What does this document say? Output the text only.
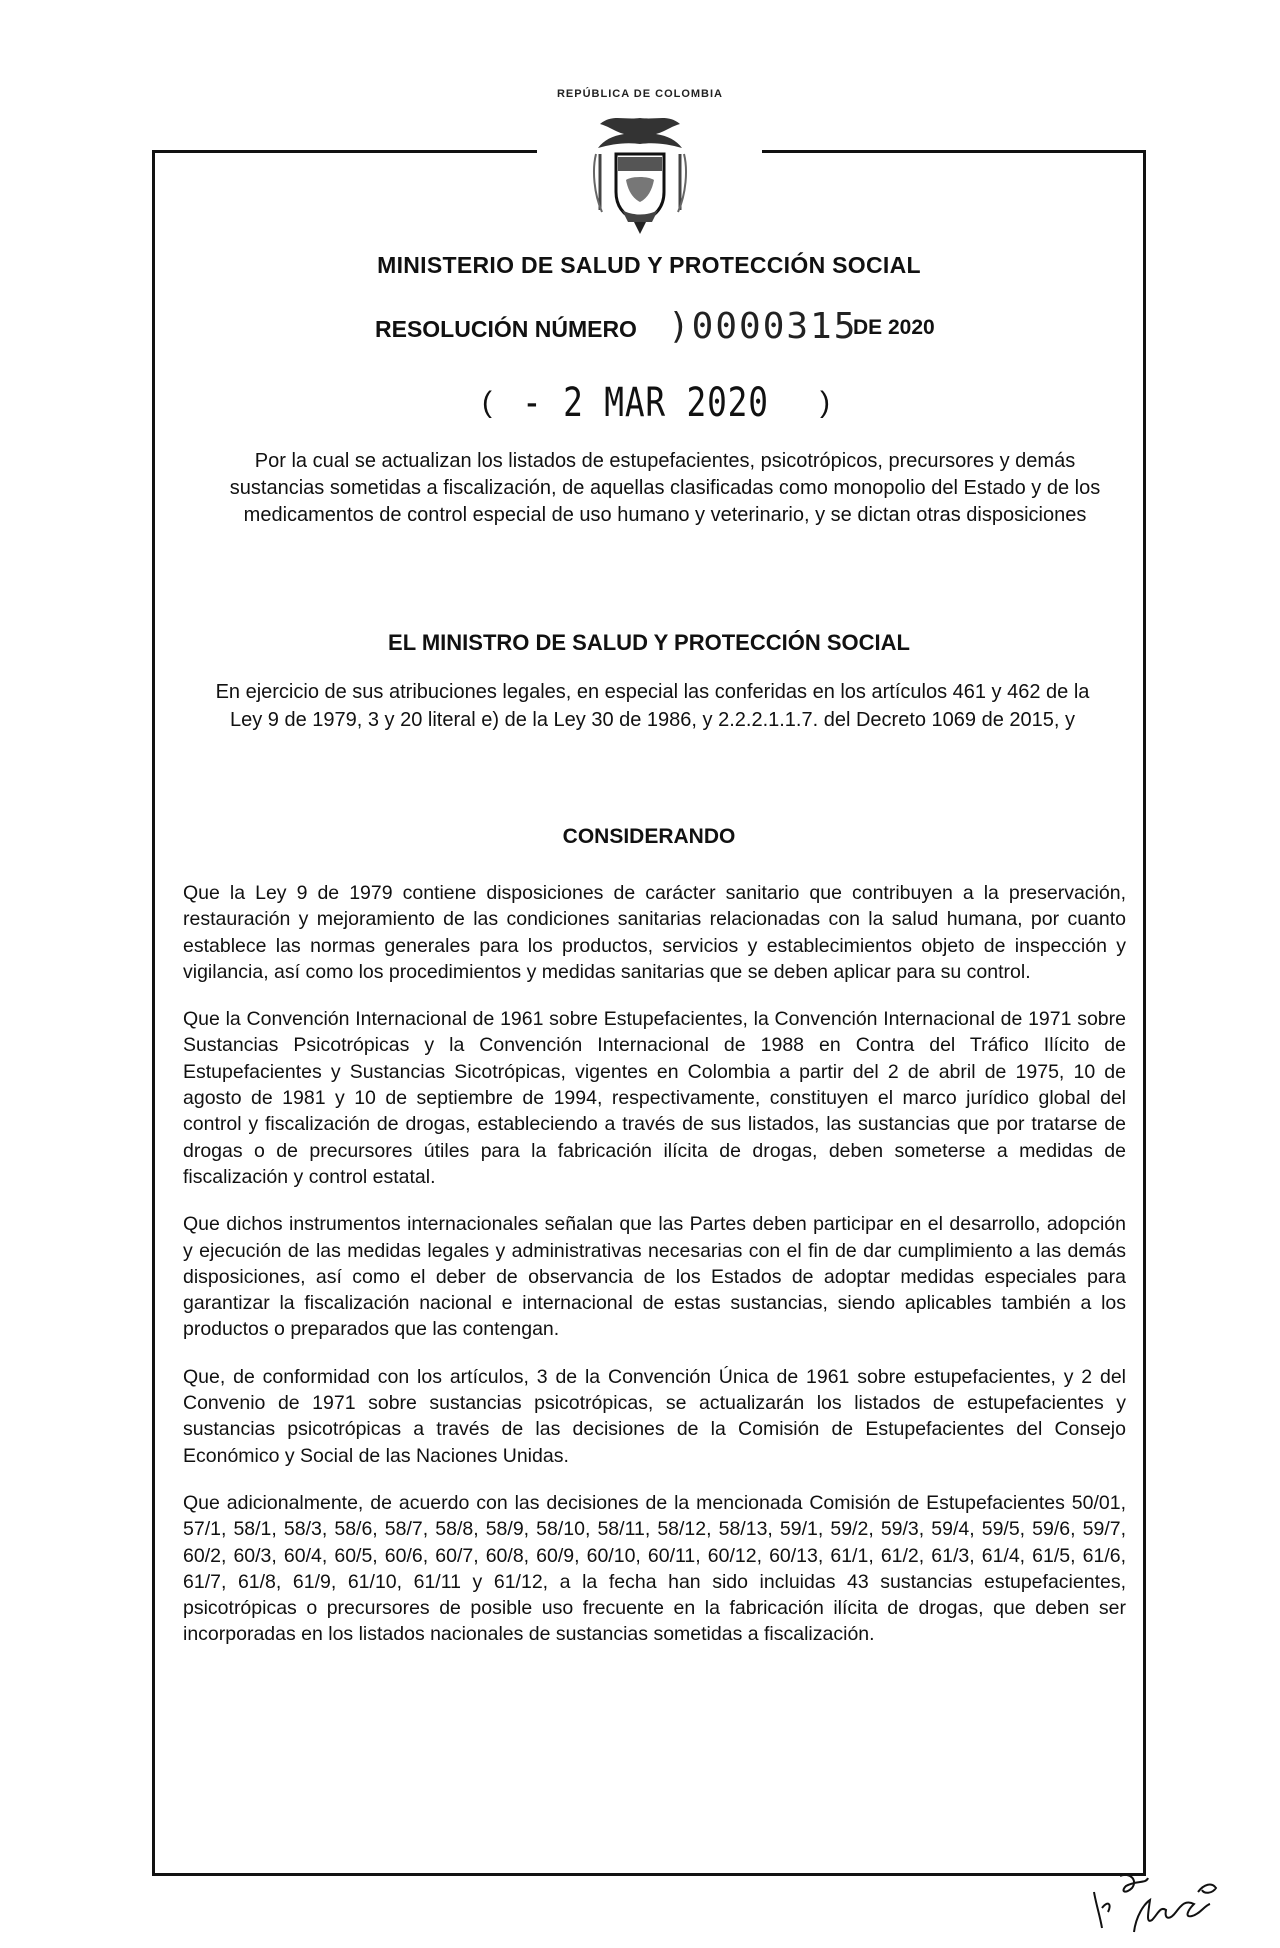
REPÚBLICA DE COLOMBIA
MINISTERIO DE SALUD Y PROTECCIÓN SOCIAL
RESOLUCIÓN NÚMERO )0000315
DE 2020
( - 2 MAR 2020 )
Por la cual se actualizan los listados de estupefacientes, psicotrópicos, precursores y demás sustancias sometidas a fiscalización, de aquellas clasificadas como monopolio del Estado y de los medicamentos de control especial de uso humano y veterinario, y se dictan otras disposiciones
EL MINISTRO DE SALUD Y PROTECCIÓN SOCIAL
En ejercicio de sus atribuciones legales, en especial las conferidas en los artículos 461 y 462 de la Ley 9 de 1979, 3 y 20 literal e) de la Ley 30 de 1986, y 2.2.2.1.1.7. del Decreto 1069 de 2015, y
CONSIDERANDO

Que la Ley 9 de 1979 contiene disposiciones de carácter sanitario que contribuyen a la preservación, restauración y mejoramiento de las condiciones sanitarias relacionadas con la salud humana, por cuanto establece las normas generales para los productos, servicios y establecimientos objeto de inspección y vigilancia, así como los procedimientos y medidas sanitarias que se deben aplicar para su control.

Que la Convención Internacional de 1961 sobre Estupefacientes, la Convención Internacional de 1971 sobre Sustancias Psicotrópicas y la Convención Internacional de 1988 en Contra del Tráfico Ilícito de Estupefacientes y Sustancias Sicotrópicas, vigentes en Colombia a partir del 2 de abril de 1975, 10 de agosto de 1981 y 10 de septiembre de 1994, respectivamente, constituyen el marco jurídico global del control y fiscalización de drogas, estableciendo a través de sus listados, las sustancias que por tratarse de drogas o de precursores útiles para la fabricación ilícita de drogas, deben someterse a medidas de fiscalización y control estatal.

Que dichos instrumentos internacionales señalan que las Partes deben participar en el desarrollo, adopción y ejecución de las medidas legales y administrativas necesarias con el fin de dar cumplimiento a las demás disposiciones, así como el deber de observancia de los Estados de adoptar medidas especiales para garantizar la fiscalización nacional e internacional de estas sustancias, siendo aplicables también a los productos o preparados que las contengan.

Que, de conformidad con los artículos, 3 de la Convención Única de 1961 sobre estupefacientes, y 2 del Convenio de 1971 sobre sustancias psicotrópicas, se actualizarán los listados de estupefacientes y sustancias psicotrópicas a través de las decisiones de la Comisión de Estupefacientes del Consejo Económico y Social de las Naciones Unidas.

Que adicionalmente, de acuerdo con las decisiones de la mencionada Comisión de Estupefacientes 50/01, 57/1, 58/1, 58/3, 58/6, 58/7, 58/8, 58/9, 58/10, 58/11, 58/12, 58/13, 59/1, 59/2, 59/3, 59/4, 59/5, 59/6, 59/7, 60/2, 60/3, 60/4, 60/5, 60/6, 60/7, 60/8, 60/9, 60/10, 60/11, 60/12, 60/13, 61/1, 61/2, 61/3, 61/4, 61/5, 61/6, 61/7, 61/8, 61/9, 61/10, 61/11 y 61/12, a la fecha han sido incluidas 43 sustancias estupefacientes, psicotrópicas o precursores de posible uso frecuente en la fabricación ilícita de drogas, que deben ser incorporadas en los listados nacionales de sustancias sometidas a fiscalización.
